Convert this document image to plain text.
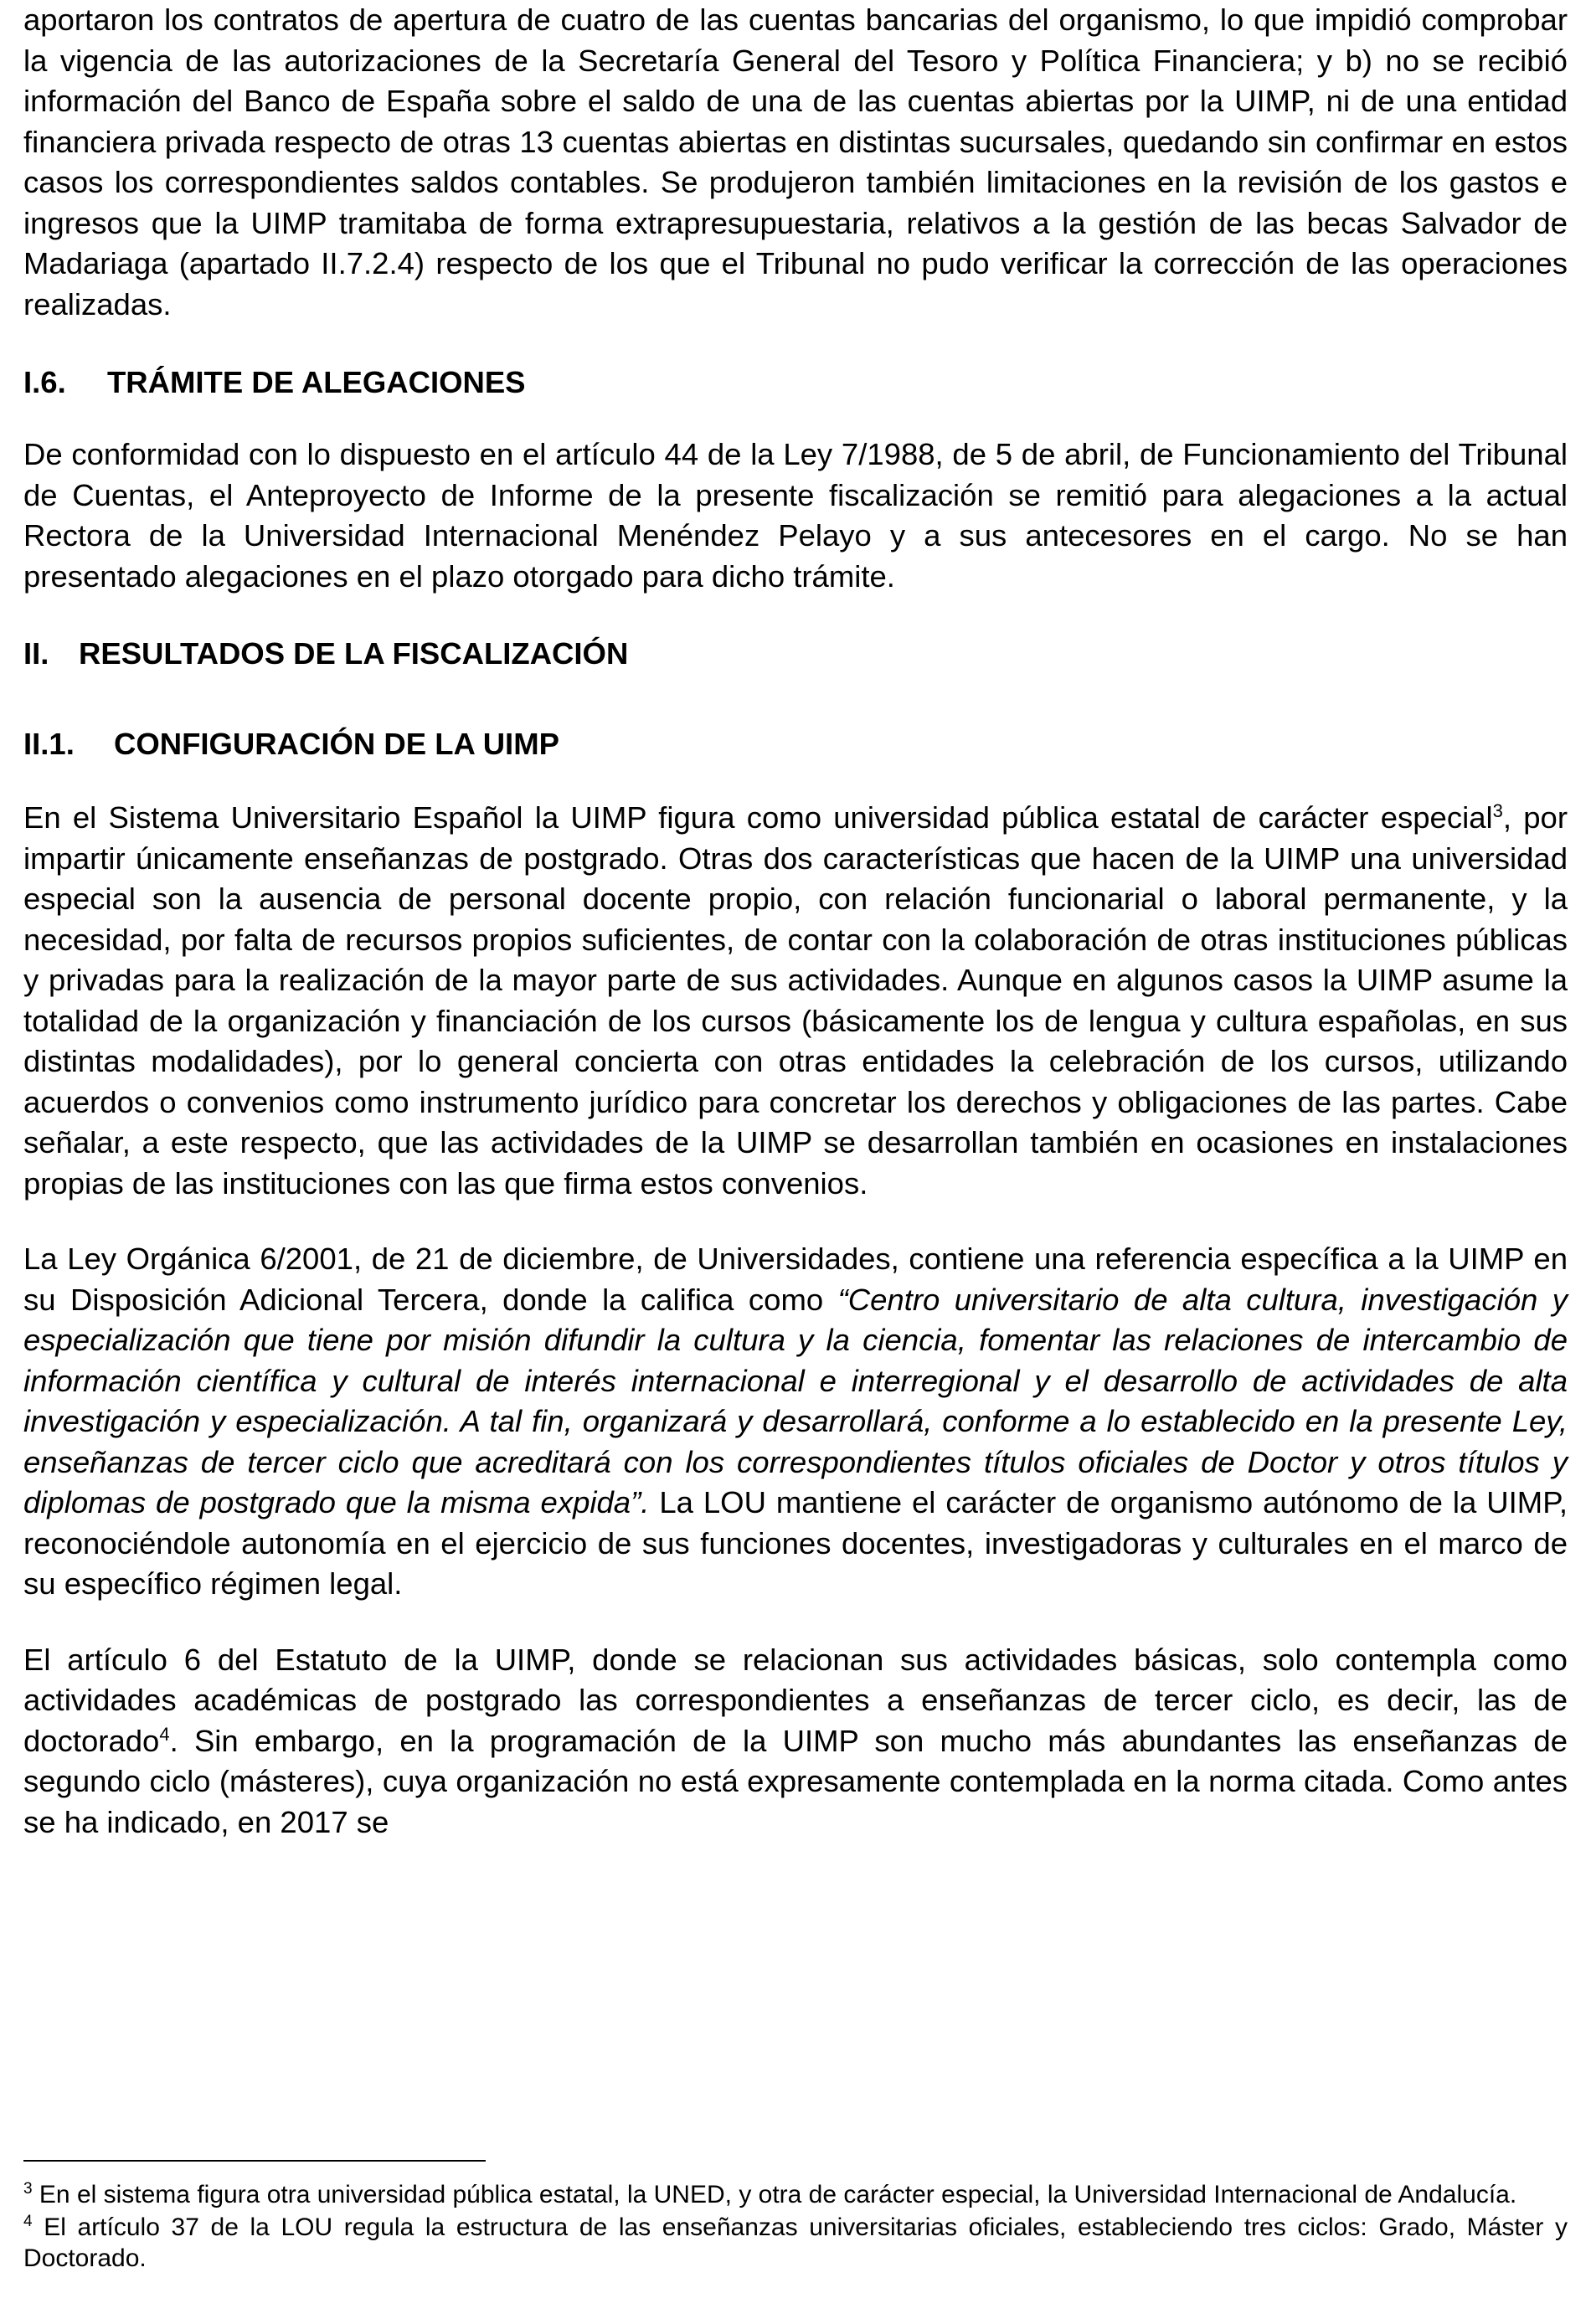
aportaron los contratos de apertura de cuatro de las cuentas bancarias del organismo, lo que impidió comprobar la vigencia de las autorizaciones de la Secretaría General del Tesoro y Política Financiera; y b) no se recibió información del Banco de España sobre el saldo de una de las cuentas abiertas por la UIMP, ni de una entidad financiera privada respecto de otras 13 cuentas abiertas en distintas sucursales, quedando sin confirmar en estos casos los correspondientes saldos contables. Se produjeron también limitaciones en la revisión de los gastos e ingresos que la UIMP tramitaba de forma extrapresupuestaria, relativos a la gestión de las becas Salvador de Madariaga (apartado II.7.2.4) respecto de los que el Tribunal no pudo verificar la corrección de las operaciones realizadas.

I.6. TRÁMITE DE ALEGACIONES

De conformidad con lo dispuesto en el artículo 44 de la Ley 7/1988, de 5 de abril, de Funcionamiento del Tribunal de Cuentas, el Anteproyecto de Informe de la presente fiscalización se remitió para alegaciones a la actual Rectora de la Universidad Internacional Menéndez Pelayo y a sus antecesores en el cargo. No se han presentado alegaciones en el plazo otorgado para dicho trámite.

II. RESULTADOS DE LA FISCALIZACIÓN
II.1. CONFIGURACIÓN DE LA UIMP

En el Sistema Universitario Español la UIMP figura como universidad pública estatal de carácter especial$^3$, por impartir únicamente enseñanzas de postgrado. Otras dos características que hacen de la UIMP una universidad especial son la ausencia de personal docente propio, con relación funcionarial o laboral permanente, y la necesidad, por falta de recursos propios suficientes, de contar con la colaboración de otras instituciones públicas y privadas para la realización de la mayor parte de sus actividades. Aunque en algunos casos la UIMP asume la totalidad de la organización y financiación de los cursos (básicamente los de lengua y cultura españolas, en sus distintas modalidades), por lo general concierta con otras entidades la celebración de los cursos, utilizando acuerdos o convenios como instrumento jurídico para concretar los derechos y obligaciones de las partes. Cabe señalar, a este respecto, que las actividades de la UIMP se desarrollan también en ocasiones en instalaciones propias de las instituciones con las que firma estos convenios.

La Ley Orgánica 6/2001, de 21 de diciembre, de Universidades, contiene una referencia específica a la UIMP en su Disposición Adicional Tercera, donde la califica como “Centro universitario de alta cultura, investigación y especialización que tiene por misión difundir la cultura y la ciencia, fomentar las relaciones de intercambio de información científica y cultural de interés internacional e interregional y el desarrollo de actividades de alta investigación y especialización. A tal fin, organizará y desarrollará, conforme a lo establecido en la presente Ley, enseñanzas de tercer ciclo que acreditará con los correspondientes títulos oficiales de Doctor y otros títulos y diplomas de postgrado que la misma expida”. La LOU mantiene el carácter de organismo autónomo de la UIMP, reconociéndole autonomía en el ejercicio de sus funciones docentes, investigadoras y culturales en el marco de su específico régimen legal.

El artículo 6 del Estatuto de la UIMP, donde se relacionan sus actividades básicas, solo contempla como actividades académicas de postgrado las correspondientes a enseñanzas de tercer ciclo, es decir, las de doctorado$^4$. Sin embargo, en la programación de la UIMP son mucho más abundantes las enseñanzas de segundo ciclo (másteres), cuya organización no está expresamente contemplada en la norma citada. Como antes se ha indicado, en 2017 se

$^3$ En el sistema figura otra universidad pública estatal, la UNED, y otra de carácter especial, la Universidad Internacional de Andalucía.

$^4$ El artículo 37 de la LOU regula la estructura de las enseñanzas universitarias oficiales, estableciendo tres ciclos: Grado, Máster y Doctorado.
